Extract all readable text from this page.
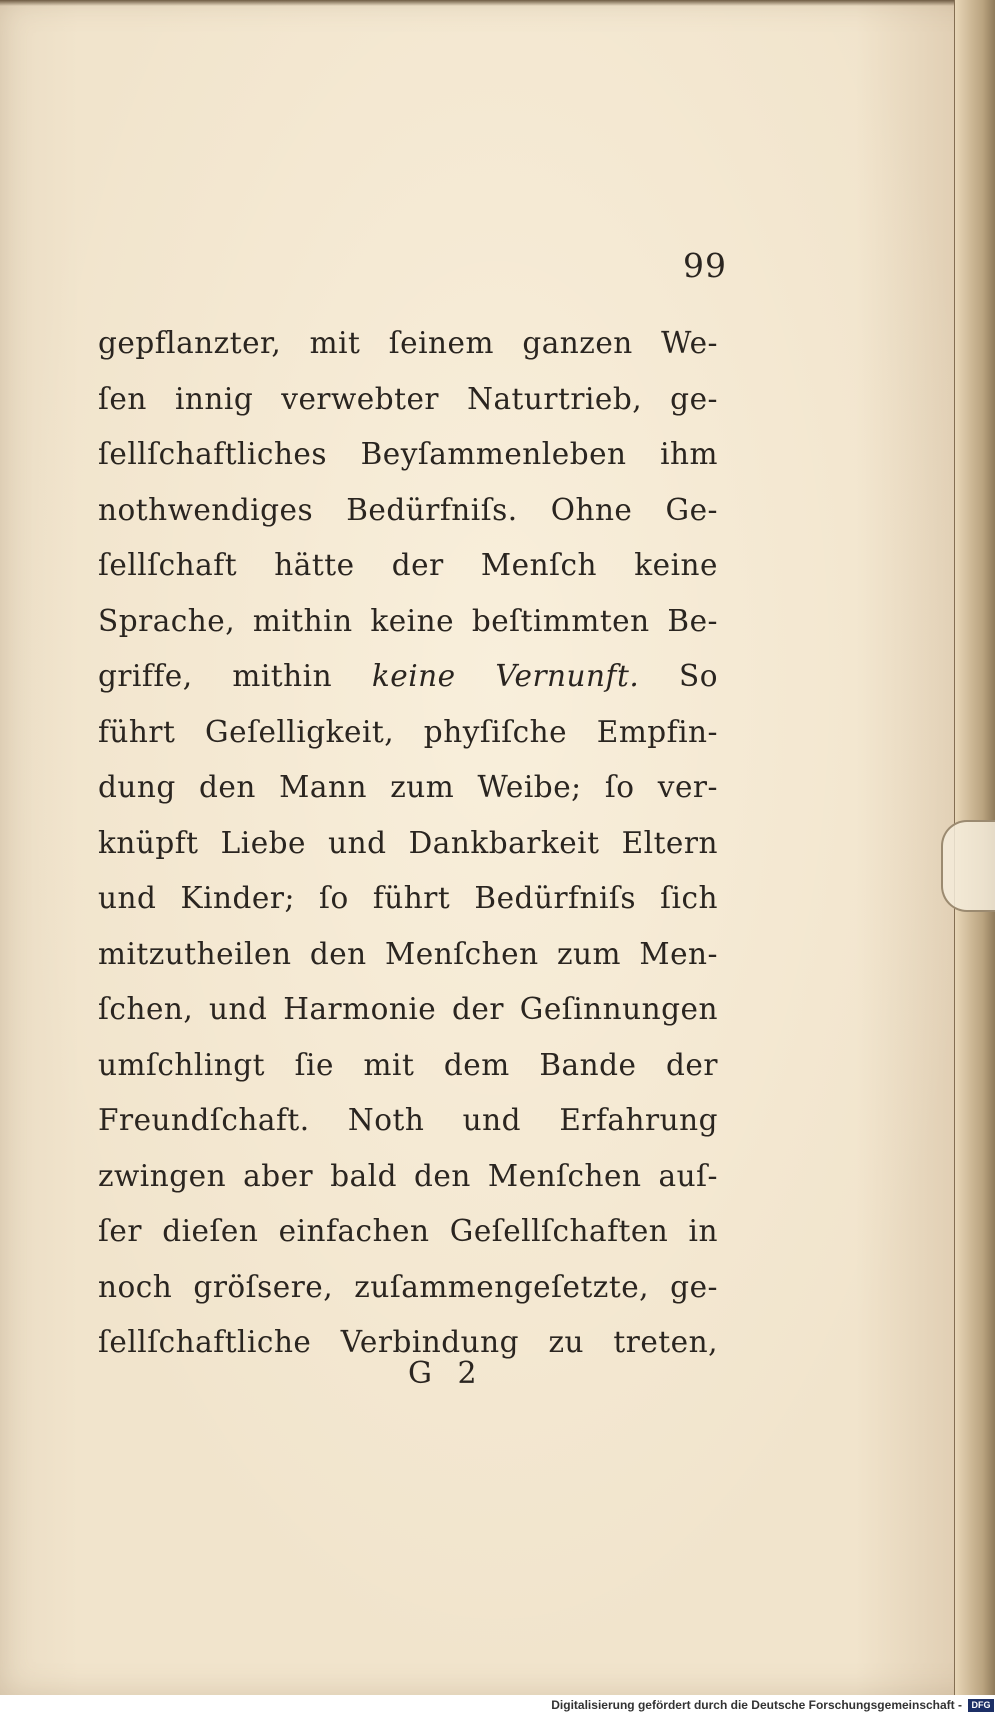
99
gepflanzter, mit ſeinem ganzen We-
ſen innig verwebter Naturtrieb, ge-
ſellſchaftliches Beyſammenleben ihm
nothwendiges Bedürfniſs. Ohne Ge-
ſellſchaft hätte der Menſch keine
Sprache, mithin keine beſtimmten Be-
griffe, mithin keine Vernunft. So
führt Geſelligkeit, phyſiſche Empfin-
dung den Mann zum Weibe; ſo ver-
knüpft Liebe und Dankbarkeit Eltern
und Kinder; ſo führt Bedürfniſs ſich
mitzutheilen den Menſchen zum Men-
ſchen, und Harmonie der Geſinnungen
umſchlingt ſie mit dem Bande der
Freundſchaft. Noth und Erfahrung
zwingen aber bald den Menſchen auſ-
ſer dieſen einfachen Geſellſchaften in
noch gröſsere, zuſammengeſetzte, ge-
ſellſchaftliche Verbindung zu treten,
G 2
Digitalisierung gefördert durch die Deutsche Forschungsgemeinschaft -	DFG
